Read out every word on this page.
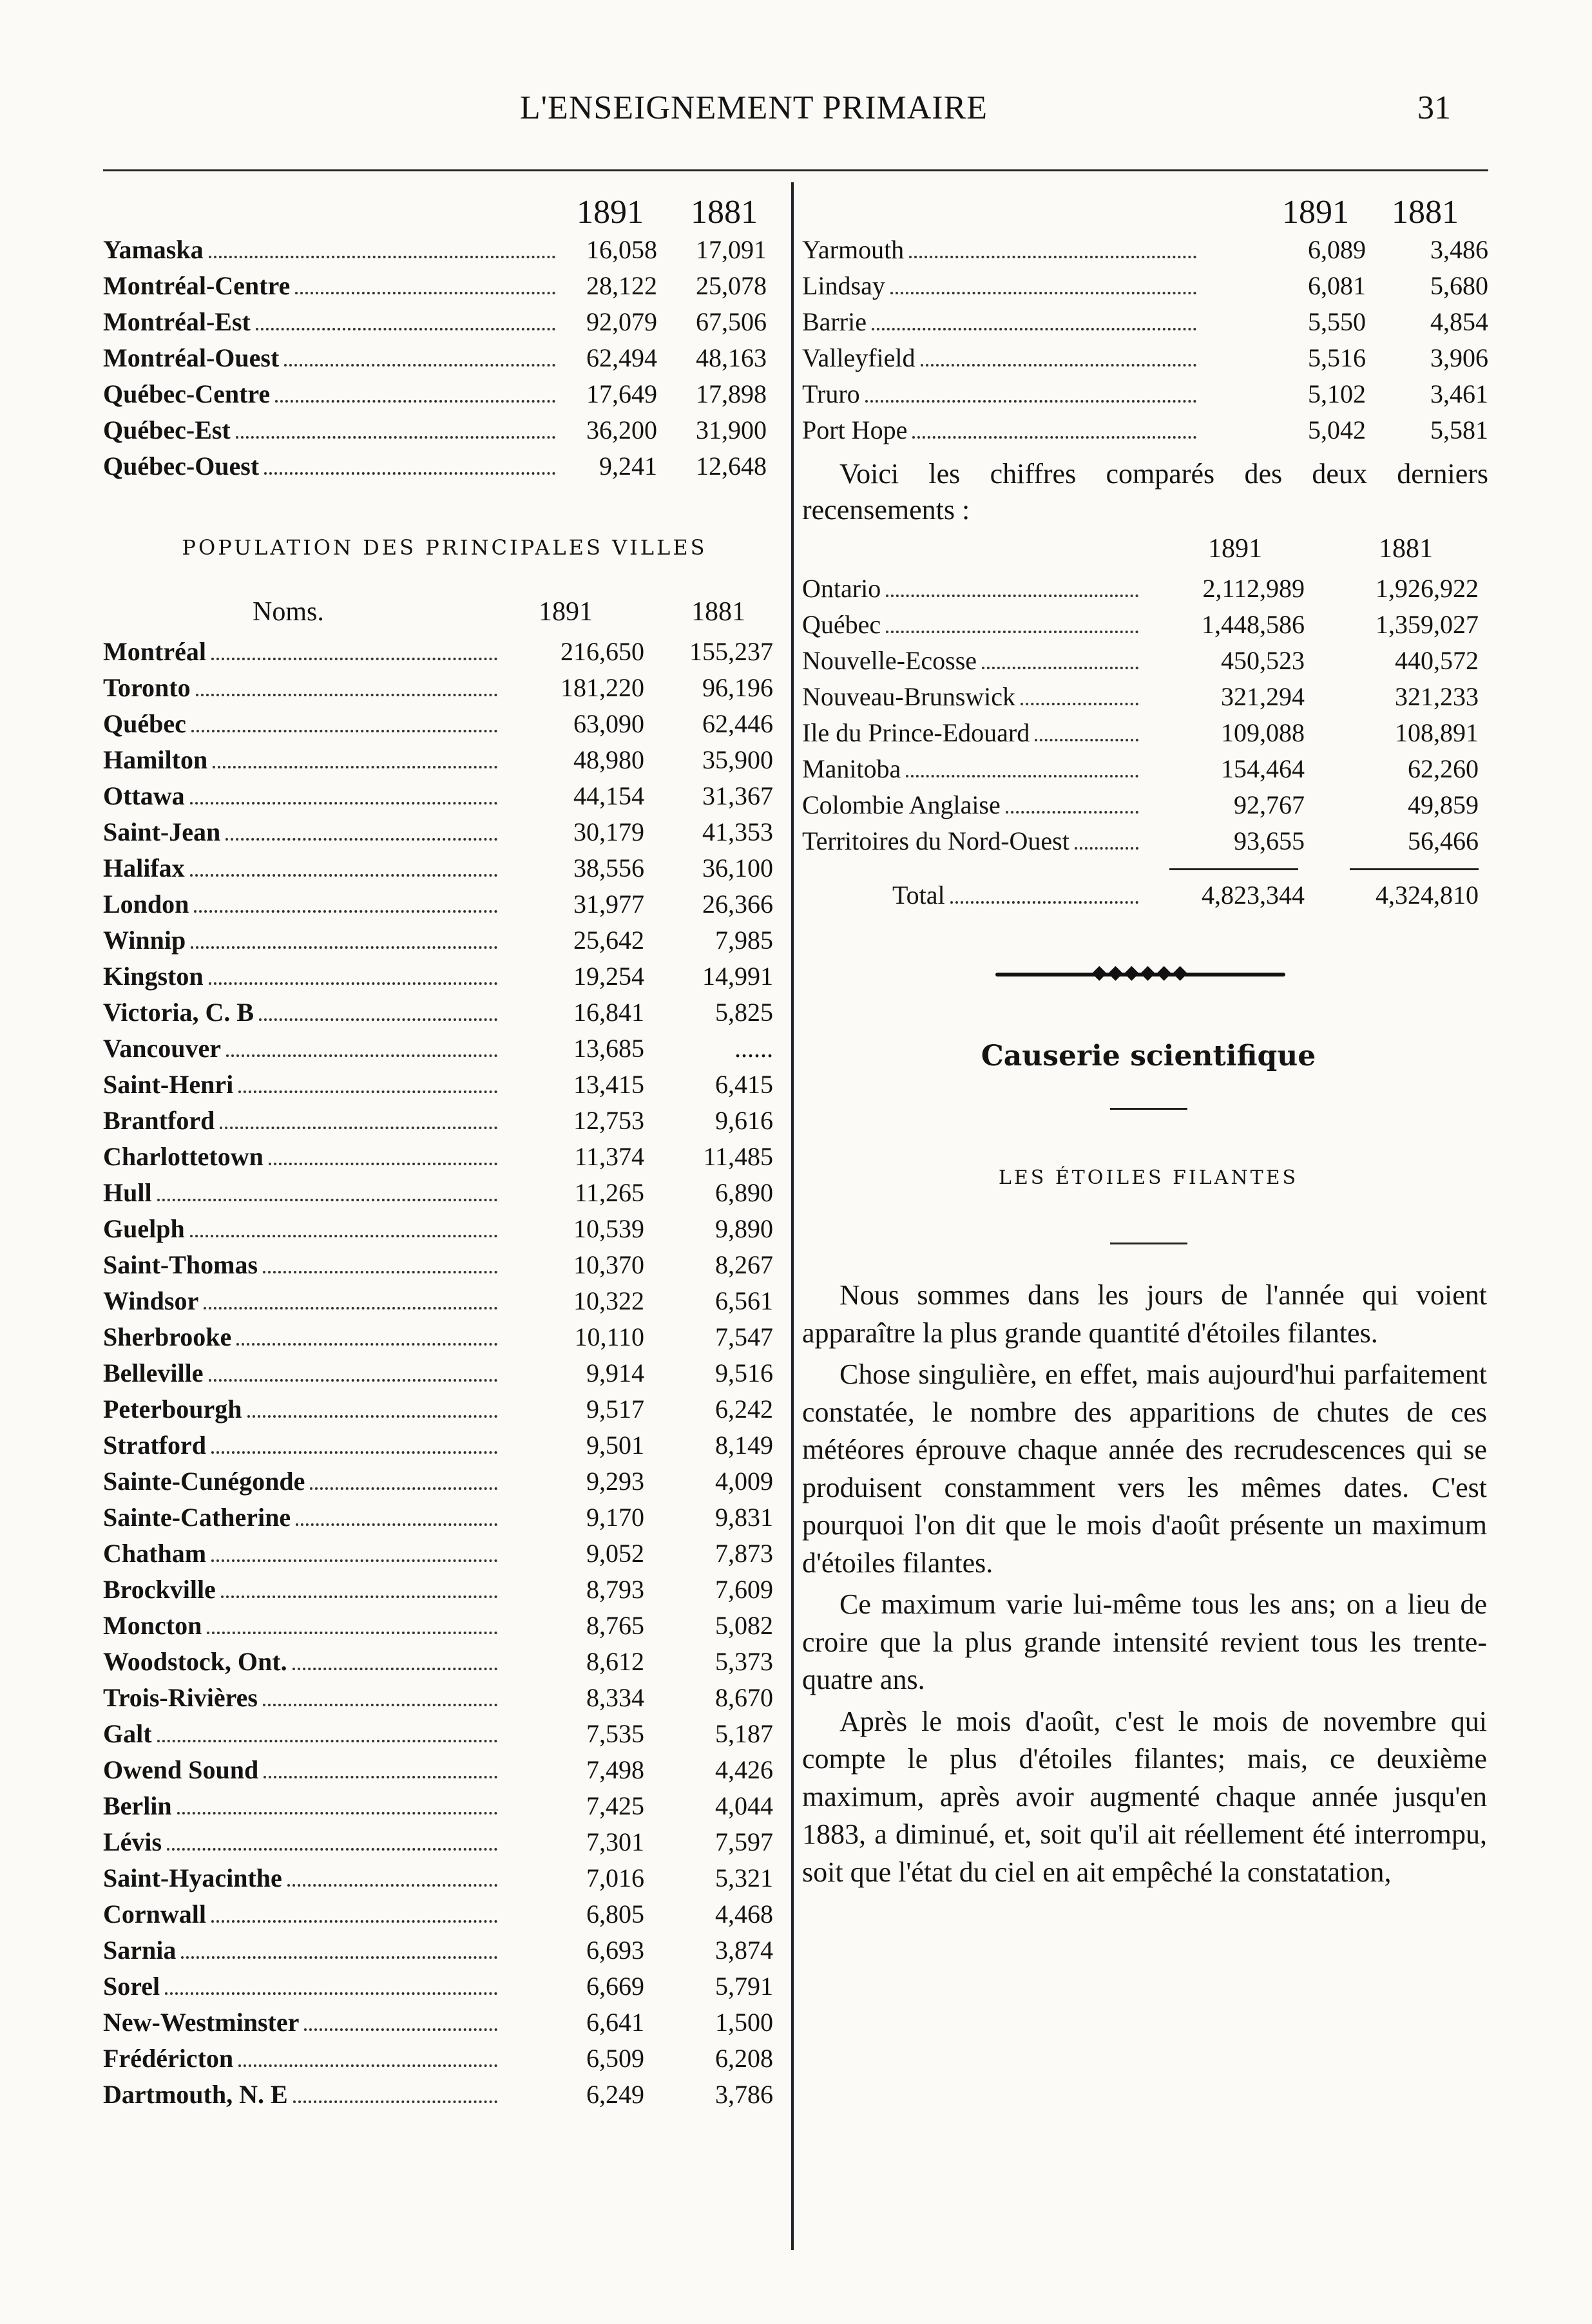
L'ENSEIGNEMENT PRIMAIRE	31
1891 1881
Yamaska	16,058	17,091
Montréal-Centre	28,122	25,078
Montréal-Est	92,079	67,506
Montréal-Ouest	62,494	48,163
Québec-Centre	17,649	17,898
Québec-Est	36,200	31,900
Québec-Ouest	9,241	12,648
POPULATION DES PRINCIPALES VILLES
Noms.	1891	1881
Montréal	216,650	155,237
Toronto	181,220	96,196
Québec	63,090	62,446
Hamilton	48,980	35,900
Ottawa	44,154	31,367
Saint-Jean	30,179	41,353
Halifax	38,556	36,100
London	31,977	26,366
Winnip	25,642	7,985
Kingston	19,254	14,991
Victoria, C. B	16,841	5,825
Vancouver	13,685	......
Saint-Henri	13,415	6,415
Brantford	12,753	9,616
Charlottetown	11,374	11,485
Hull	11,265	6,890
Guelph	10,539	9,890
Saint-Thomas	10,370	8,267
Windsor	10,322	6,561
Sherbrooke	10,110	7,547
Belleville	9,914	9,516
Peterbourgh	9,517	6,242
Stratford	9,501	8,149
Sainte-Cunégonde	9,293	4,009
Sainte-Catherine	9,170	9,831
Chatham	9,052	7,873
Brockville	8,793	7,609
Moncton	8,765	5,082
Woodstock, Ont.	8,612	5,373
Trois-Rivières	8,334	8,670
Galt	7,535	5,187
Owend Sound	7,498	4,426
Berlin	7,425	4,044
Lévis	7,301	7,597
Saint-Hyacinthe	7,016	5,321
Cornwall	6,805	4,468
Sarnia	6,693	3,874
Sorel	6,669	5,791
New-Westminster	6,641	1,500
Frédéricton	6,509	6,208
Dartmouth, N. E	6,249	3,786
1891 1881
Yarmouth	6,089	3,486
Lindsay	6,081	5,680
Barrie	5,550	4,854
Valleyfield	5,516	3,906
Truro	5,102	3,461
Port Hope	5,042	5,581

Voici les chiffres comparés des deux derniers recensements :

1891	1881
Ontario	2,112,989	1,926,922
Québec	1,448,586	1,359,027
Nouvelle-Ecosse	450,523	440,572
Nouveau-Brunswick	321,294	321,233
Ile du Prince-Edouard	109,088	108,891
Manitoba	154,464	62,260
Colombie Anglaise	92,767	49,859
Territoires du Nord-Ouest	93,655	56,466
Total	4,823,344	4,324,810
◆◆◆◆◆◆
Causerie scientifique
LES ÉTOILES FILANTES

Nous sommes dans les jours de l'année qui voient apparaître la plus grande quantité d'étoiles filantes.

Chose singulière, en effet, mais aujourd'hui parfaitement constatée, le nombre des apparitions de chutes de ces météores éprouve chaque année des recrudescences qui se produisent constamment vers les mêmes dates. C'est pourquoi l'on dit que le mois d'août présente un maximum d'étoiles filantes.

Ce maximum varie lui-même tous les ans; on a lieu de croire que la plus grande intensité revient tous les trente-quatre ans.

Après le mois d'août, c'est le mois de novembre qui compte le plus d'étoiles filantes; mais, ce deuxième maximum, après avoir augmenté chaque année jusqu'en 1883, a diminué, et, soit qu'il ait réellement été interrompu, soit que l'état du ciel en ait empêché la constatation,
